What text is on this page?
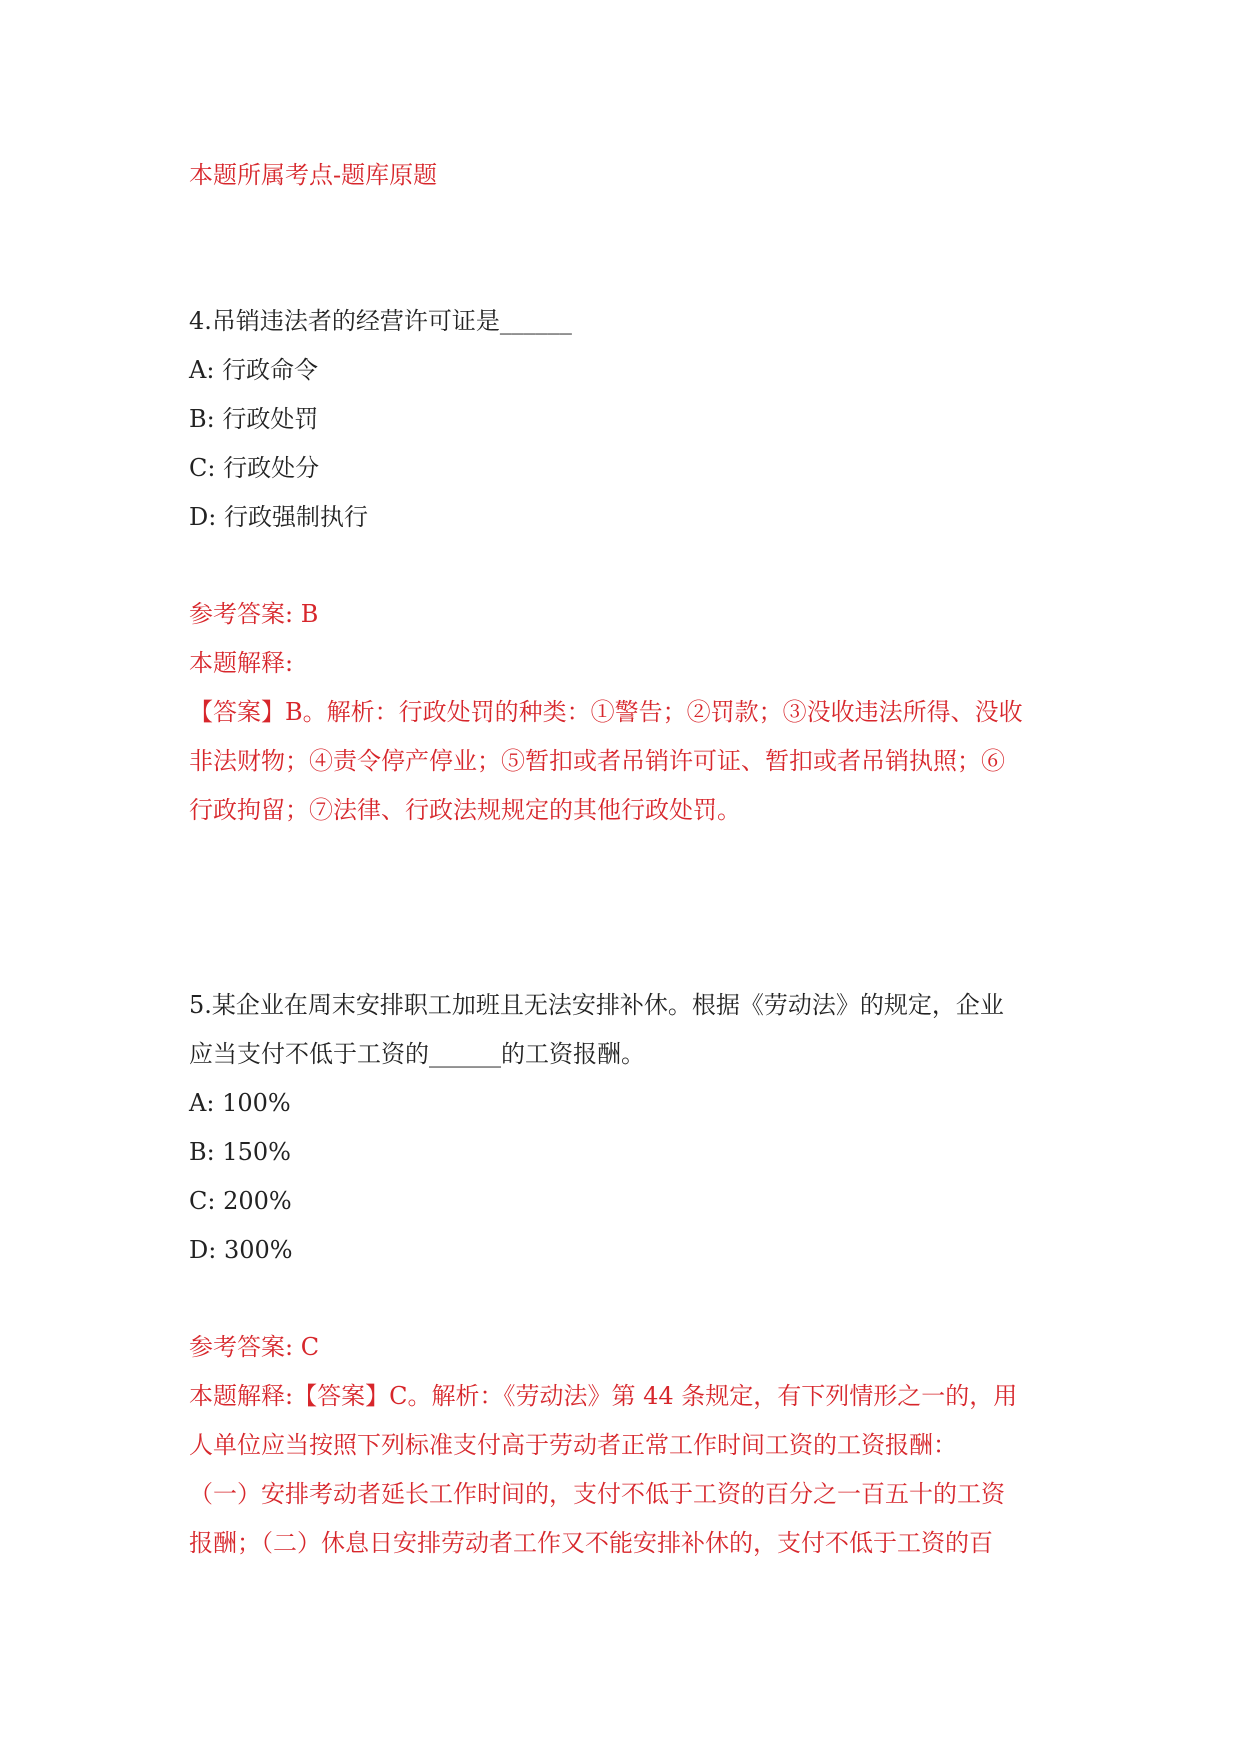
本题所属考点-题库原题
4.吊销违法者的经营许可证是______
A: 行政命令
B: 行政处罚
C: 行政处分
D: 行政强制执行
参考答案: B
本题解释:
【答案】B。解析：行政处罚的种类：①警告；②罚款；③没收违法所得、没收
非法财物；④责令停产停业；⑤暂扣或者吊销许可证、暂扣或者吊销执照；⑥
行政拘留；⑦法律、行政法规规定的其他行政处罚。
5.某企业在周末安排职工加班且无法安排补休。根据《劳动法》的规定，企业
应当支付不低于工资的______的工资报酬。
A: 100%
B: 150%
C: 200%
D: 300%
参考答案: C
本题解释:【答案】C。解析：《劳动法》第 44 条规定，有下列情形之一的，用
人单位应当按照下列标准支付高于劳动者正常工作时间工资的工资报酬：
（一）安排考动者延长工作时间的，支付不低于工资的百分之一百五十的工资
报酬；（二）休息日安排劳动者工作又不能安排补休的，支付不低于工资的百
